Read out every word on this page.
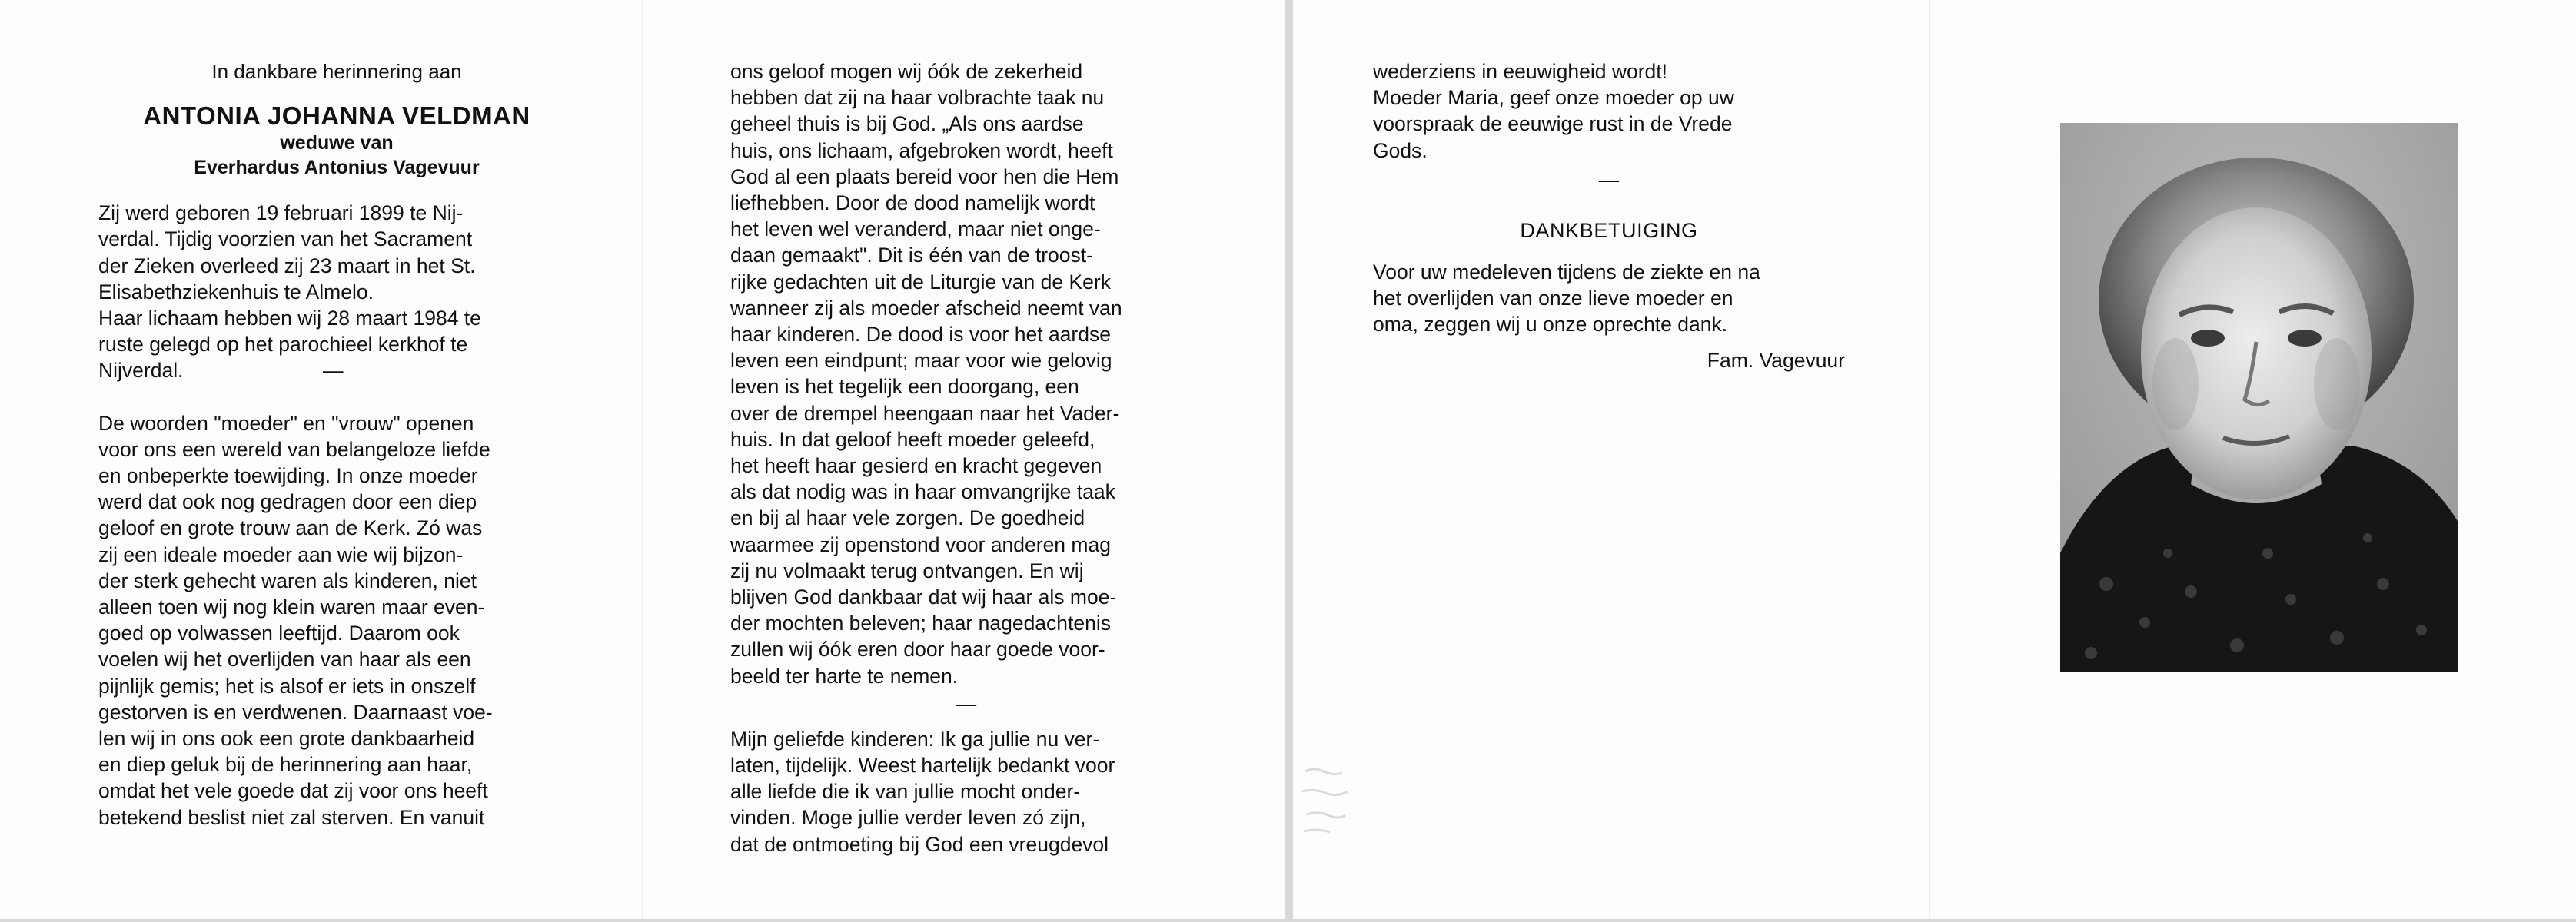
In dankbare herinnering aan

ANTONIA JOHANNA VELDMAN

weduwe van

Everhardus Antonius Vagevuur

Zij werd geboren 19 februari 1899 te Nij-

verdal. Tijdig voorzien van het Sacrament

der Zieken overleed zij 23 maart in het St.

Elisabethziekenhuis te Almelo.

Haar lichaam hebben wij 28 maart 1984 te

ruste gelegd op het parochieel kerkhof te

Nijverdal.	—

De woorden "moeder" en "vrouw" openen

voor ons een wereld van belangeloze liefde

en onbeperkte toewijding. In onze moeder

werd dat ook nog gedragen door een diep

geloof en grote trouw aan de Kerk. Zó was

zij een ideale moeder aan wie wij bijzon-

der sterk gehecht waren als kinderen, niet

alleen toen wij nog klein waren maar even-

goed op volwassen leeftijd. Daarom ook

voelen wij het overlijden van haar als een

pijnlijk gemis; het is alsof er iets in onszelf

gestorven is en verdwenen. Daarnaast voe-

len wij in ons ook een grote dankbaarheid

en diep geluk bij de herinnering aan haar,

omdat het vele goede dat zij voor ons heeft

betekend beslist niet zal sterven. En vanuit

ons geloof mogen wij óók de zekerheid

hebben dat zij na haar volbrachte taak nu

geheel thuis is bij God. „Als ons aardse

huis, ons lichaam, afgebroken wordt, heeft

God al een plaats bereid voor hen die Hem

liefhebben. Door de dood namelijk wordt

het leven wel veranderd, maar niet onge-

daan gemaakt". Dit is één van de troost-

rijke gedachten uit de Liturgie van de Kerk

wanneer zij als moeder afscheid neemt van

haar kinderen. De dood is voor het aardse

leven een eindpunt; maar voor wie gelovig

leven is het tegelijk een doorgang, een

over de drempel heengaan naar het Vader-

huis. In dat geloof heeft moeder geleefd,

het heeft haar gesierd en kracht gegeven

als dat nodig was in haar omvangrijke taak

en bij al haar vele zorgen. De goedheid

waarmee zij openstond voor anderen mag

zij nu volmaakt terug ontvangen. En wij

blijven God dankbaar dat wij haar als moe-

der mochten beleven; haar nagedachtenis

zullen wij óók eren door haar goede voor-

beeld ter harte te nemen.

—

Mijn geliefde kinderen: Ik ga jullie nu ver-

laten, tijdelijk. Weest hartelijk bedankt voor

alle liefde die ik van jullie mocht onder-

vinden. Moge jullie verder leven zó zijn,

dat de ontmoeting bij God een vreugdevol

wederziens in eeuwigheid wordt!

Moeder Maria, geef onze moeder op uw

voorspraak de eeuwige rust in de Vrede

Gods.

—

DANKBETUIGING

Voor uw medeleven tijdens de ziekte en na

het overlijden van onze lieve moeder en

oma, zeggen wij u onze oprechte dank.

Fam. Vagevuur
